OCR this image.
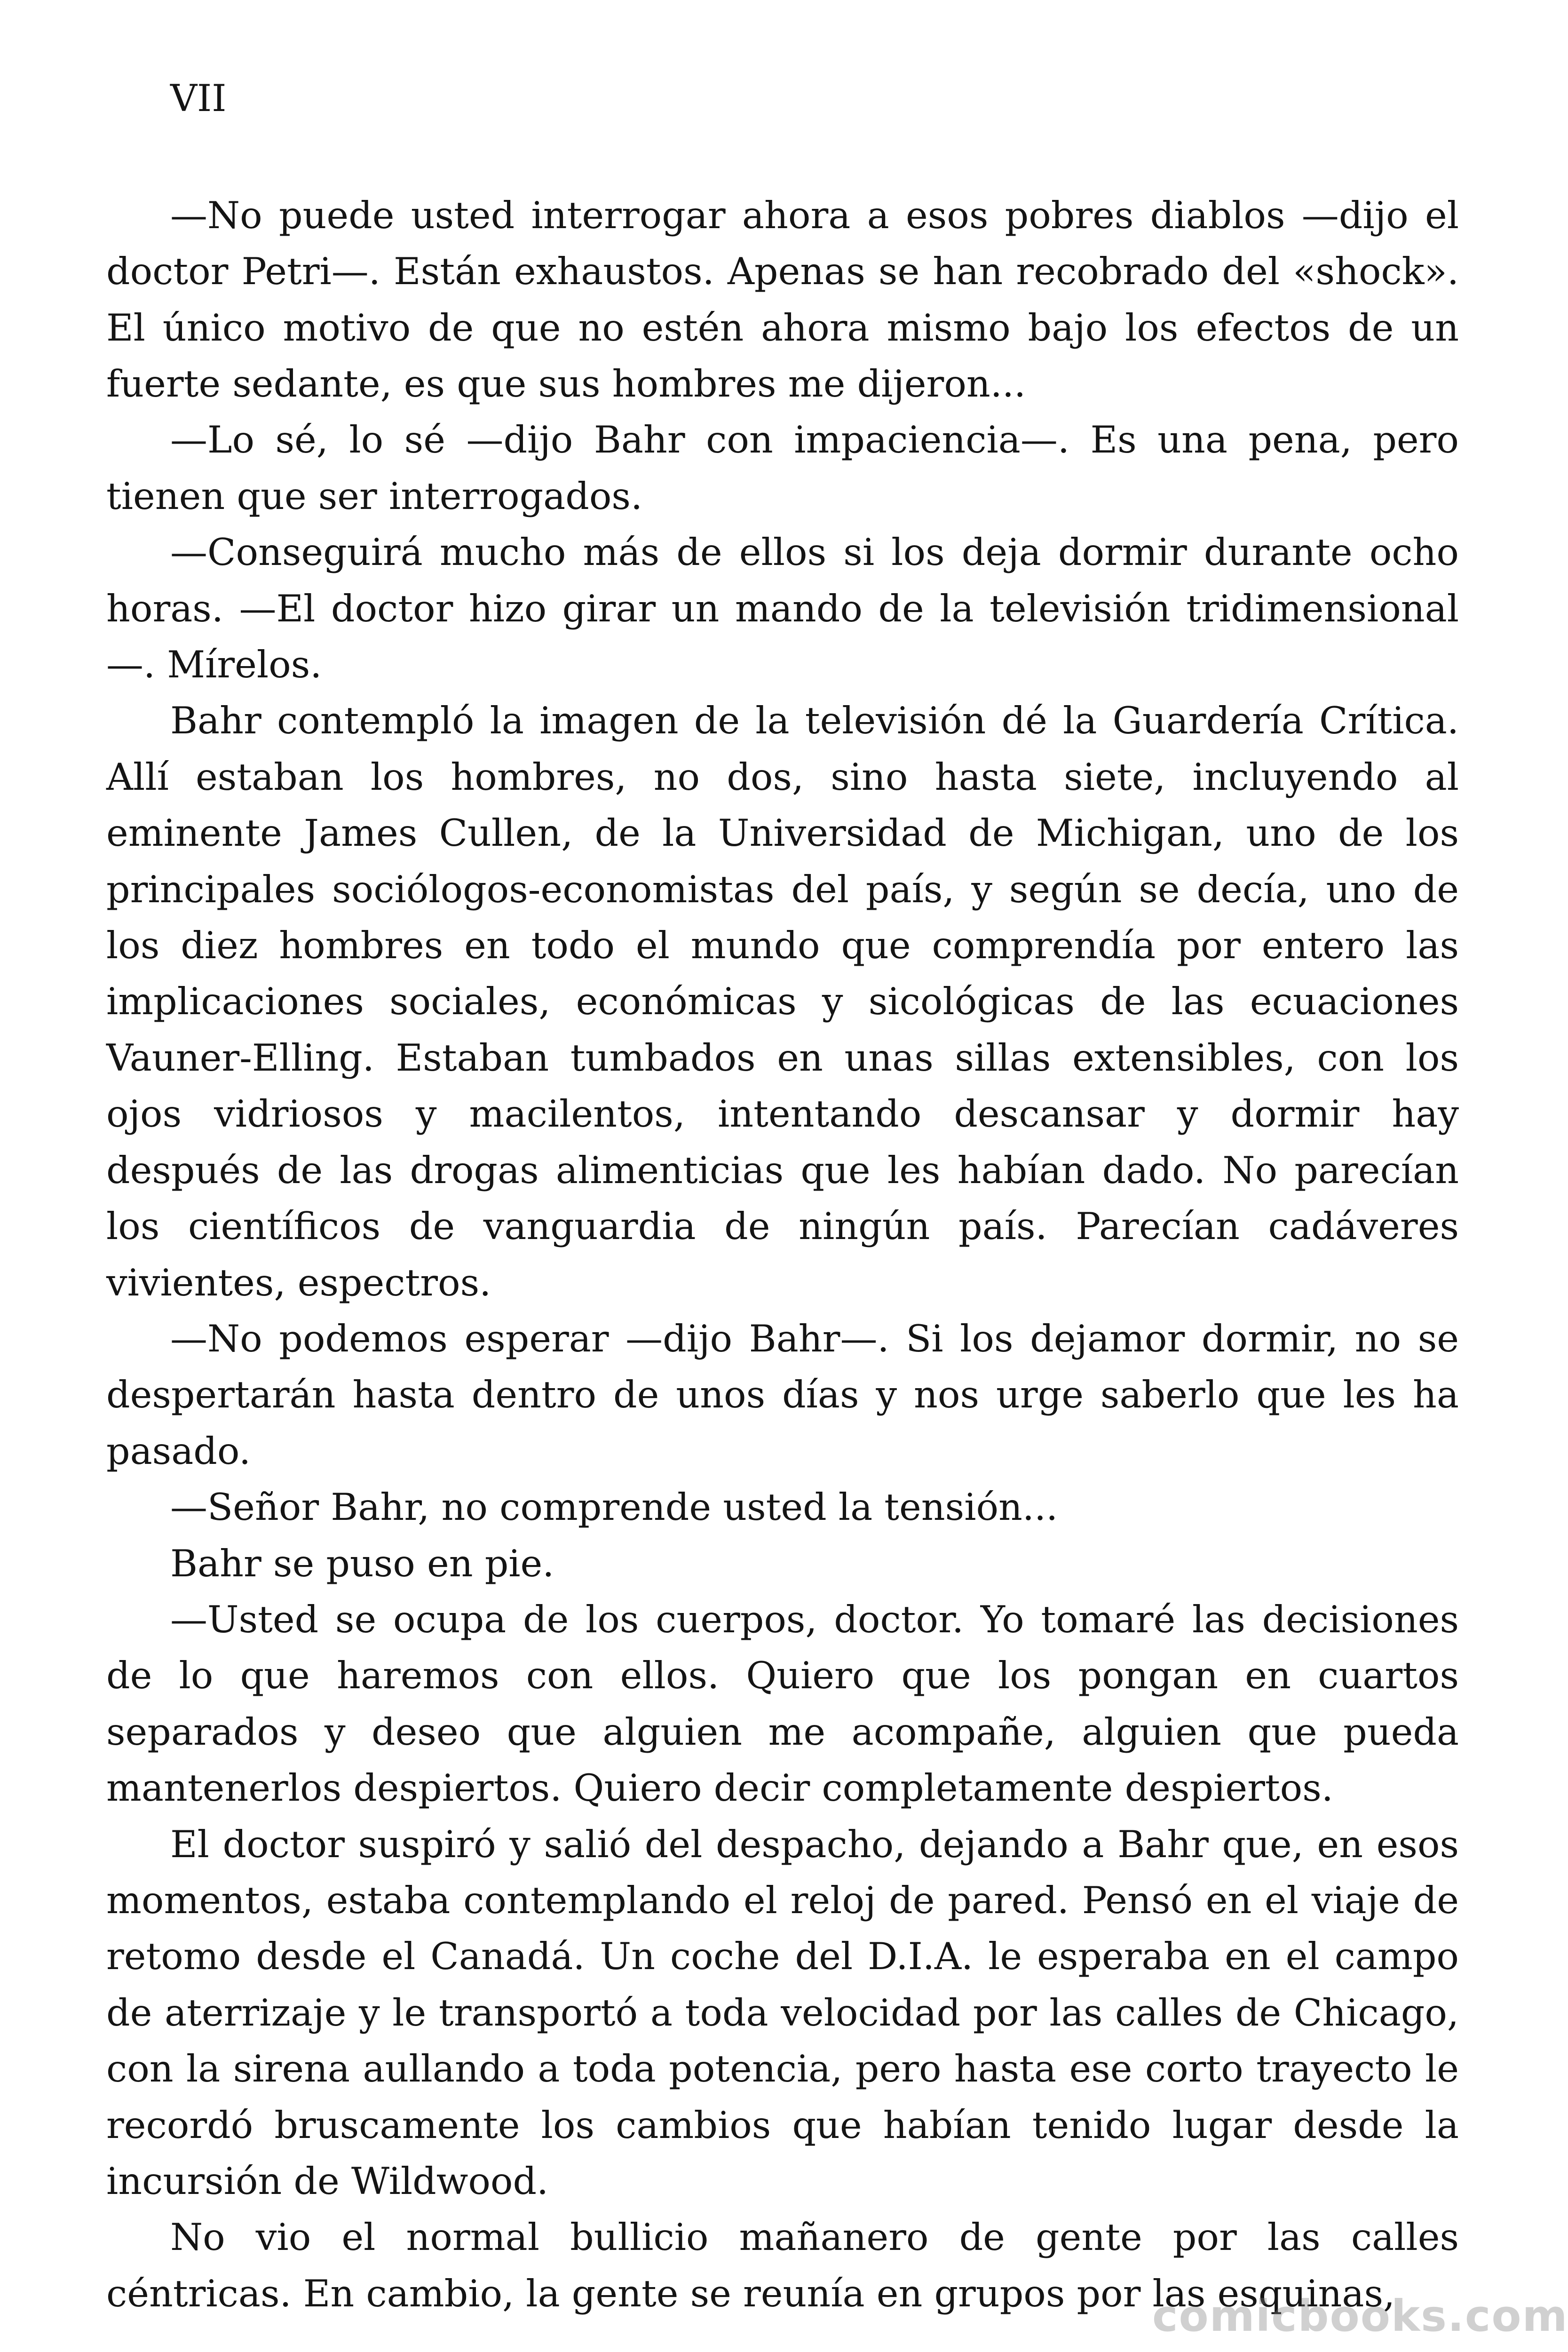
VII

—No puede usted interrogar ahora a esos pobres diablos —dijo el doctor Petri—. Están exhaustos. Apenas se han recobrado del «shock». El único motivo de que no estén ahora mismo bajo los efectos de un fuerte sedante, es que sus hombres me dijeron...

—Lo sé, lo sé —dijo Bahr con impaciencia—. Es una pena, pero tienen que ser interrogados.

—Conseguirá mucho más de ellos si los deja dormir durante ocho horas. —El doctor hizo girar un mando de la televisión tridimensional —. Mírelos.

Bahr contempló la imagen de la televisión dé la Guardería Crítica. Allí estaban los hombres, no dos, sino hasta siete, incluyendo al eminente James Cullen, de la Universidad de Michigan, uno de los principales sociólogos-economistas del país, y según se decía, uno de los diez hombres en todo el mundo que comprendía por entero las implicaciones sociales, económicas y sicológicas de las ecuaciones Vauner-Elling. Estaban tumbados en unas sillas extensibles, con los ojos vidriosos y macilentos, intentando descansar y dormir hay después de las drogas alimenticias que les habían dado. No parecían los científicos de vanguardia de ningún país. Parecían cadáveres vivientes, espectros.

—No podemos esperar —dijo Bahr—. Si los dejamor dormir, no se despertarán hasta dentro de unos días y nos urge saberlo que les ha pasado.

—Señor Bahr, no comprende usted la tensión...

Bahr se puso en pie.

—Usted se ocupa de los cuerpos, doctor. Yo tomaré las decisiones de lo que haremos con ellos. Quiero que los pongan en cuartos separados y deseo que alguien me acompañe, alguien que pueda mantenerlos despiertos. Quiero decir completamente despiertos.

El doctor suspiró y salió del despacho, dejando a Bahr que, en esos momentos, estaba contemplando el reloj de pared. Pensó en el viaje de retomo desde el Canadá. Un coche del D.I.A. le esperaba en el campo de aterrizaje y le transportó a toda velocidad por las calles de Chicago, con la sirena aullando a toda potencia, pero hasta ese corto trayecto le recordó bruscamente los cambios que habían tenido lugar desde la incursión de Wildwood.

No vio el normal bullicio mañanero de gente por las calles céntricas. En cambio, la gente se reunía en grupos por las esquinas,

comicbooks.com
